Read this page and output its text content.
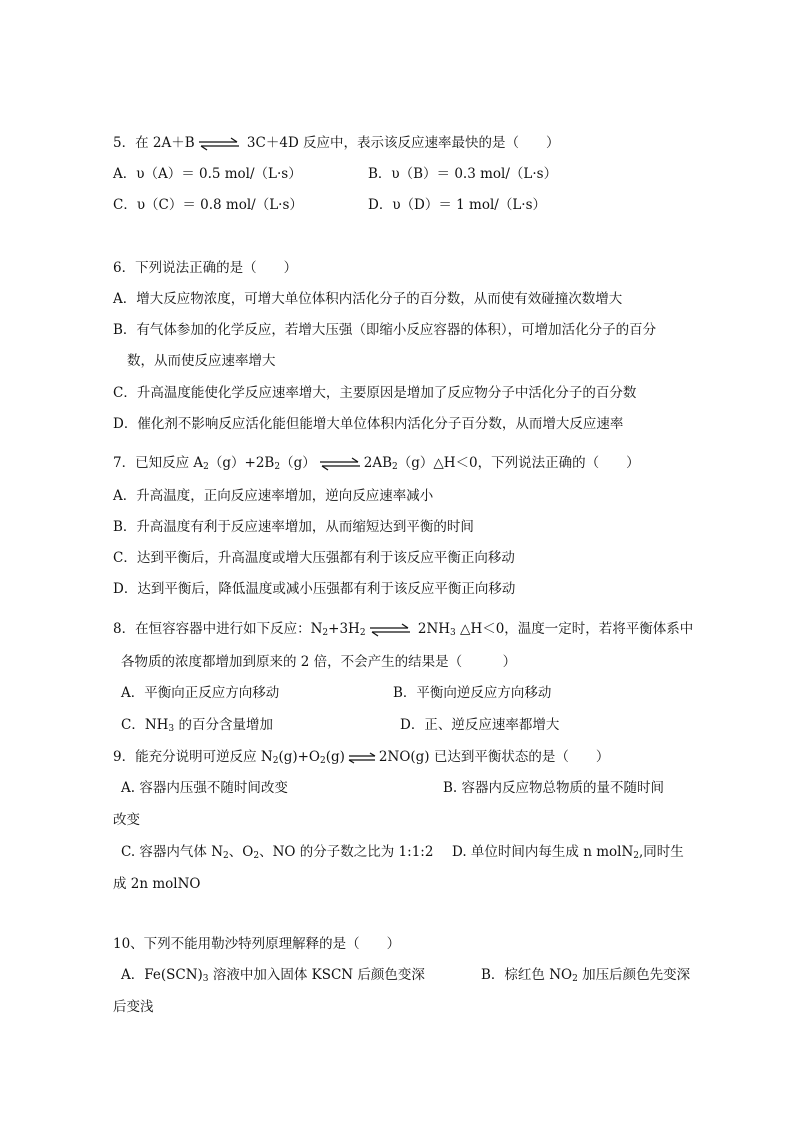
5．在 2A＋B ⇌ 3C＋4D 反应中，表示该反应速率最快的是（　　）
A．υ（A）＝ 0.5 mol/（L·s）	B．υ（B）＝ 0.3 mol/（L·s）
C．υ（C）＝ 0.8 mol/（L·s）	D．υ（D）＝ 1 mol/（L·s）
6．下列说法正确的是（　　）
A．增大反应物浓度，可增大单位体积内活化分子的百分数，从而使有效碰撞次数增大
B．有气体参加的化学反应，若增大压强（即缩小反应容器的体积），可增加活化分子的百分
数，从而使反应速率增大
C．升高温度能使化学反应速率增大，主要原因是增加了反应物分子中活化分子的百分数
D．催化剂不影响反应活化能但能增大单位体积内活化分子百分数，从而增大反应速率
7．已知反应 $A_2(g)+2B_2(g)$ ⇌ $2AB_2(g)\triangle H<0$，下列说法正确的（　　）
A．升高温度，正向反应速率增加，逆向反应速率减小
B．升高温度有利于反应速率增加，从而缩短达到平衡的时间
C．达到平衡后，升高温度或增大压强都有利于该反应平衡正向移动
D．达到平衡后，降低温度或减小压强都有利于该反应平衡正向移动
8．在恒容容器中进行如下反应：$N_2+3H_2$ ⇌ $2NH_3$ △H＜0，温度一定时，若将平衡体系中
各物质的浓度都增加到原来的 2 倍，不会产生的结果是（　　　）
A．平衡向正反应方向移动	B．平衡向逆反应方向移动
C．$NH_3$ 的百分含量增加	D．正、逆反应速率都增大
9．能充分说明可逆反应 $N_2(g)+O_2(g)$ ⇌ 2NO(g) 已达到平衡状态的是（　　）
A. 容器内压强不随时间改变	B. 容器内反应物总物质的量不随时间
改变
C. 容器内气体 $N_2$、$O_2$、NO 的分子数之比为 1:1:2 D. 单位时间内每生成 n molN$_2$,同时生
成 2n molNO
10、下列不能用勒沙特列原理解释的是（　　）
A．$Fe(SCN)_3$ 溶液中加入固体 KSCN 后颜色变深	B．棕红色 $NO_2$ 加压后颜色先变深
后变浅
